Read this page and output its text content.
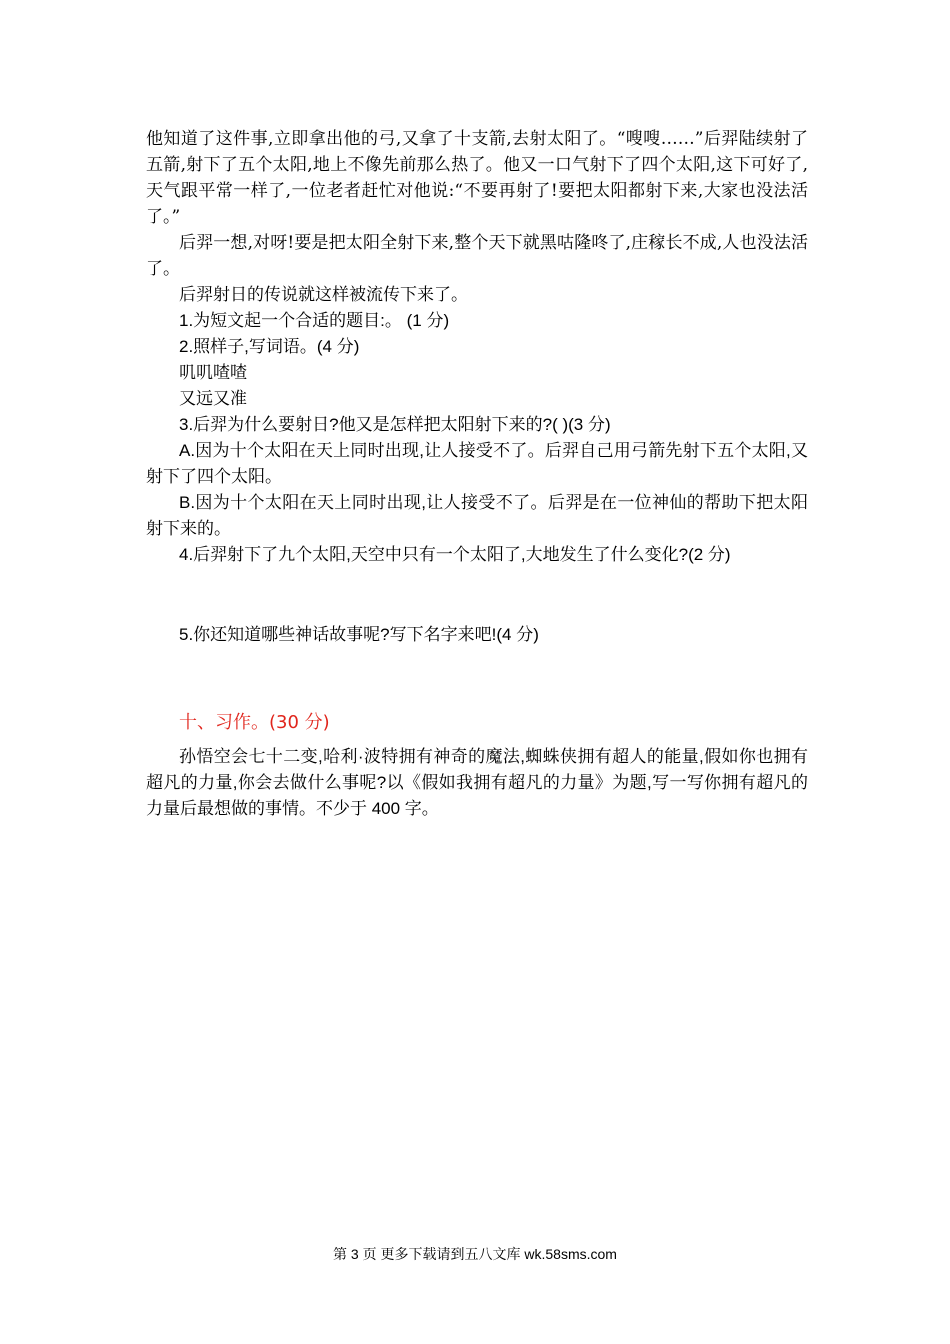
他知道了这件事,立即拿出他的弓,又拿了十支箭,去射太阳了。“嗖嗖……”后羿陆续射了五箭,射下了五个太阳,地上不像先前那么热了。他又一口气射下了四个太阳,这下可好了,天气跟平常一样了,一位老者赶忙对他说:“不要再射了!要把太阳都射下来,大家也没法活了。”

后羿一想,对呀!要是把太阳全射下来,整个天下就黑咕隆咚了,庄稼长不成,人也没法活了。

后羿射日的传说就这样被流传下来了。

1.为短文起一个合适的题目:。 (1 分)

2.照样子,写词语。(4 分)

叽叽喳喳

又远又准

3.后羿为什么要射日?他又是怎样把太阳射下来的?( )(3 分)

A.因为十个太阳在天上同时出现,让人接受不了。后羿自己用弓箭先射下五个太阳,又射下了四个太阳。

B.因为十个太阳在天上同时出现,让人接受不了。后羿是在一位神仙的帮助下把太阳射下来的。

4.后羿射下了九个太阳,天空中只有一个太阳了,大地发生了什么变化?(2 分)

5.你还知道哪些神话故事呢?写下名字来吧!(4 分)

十、习作。(30 分)

孙悟空会七十二变,哈利·波特拥有神奇的魔法,蜘蛛侠拥有超人的能量,假如你也拥有超凡的力量,你会去做什么事呢?以《假如我拥有超凡的力量》为题,写一写你拥有超凡的力量后最想做的事情。不少于 400 字。

第 3 页 更多下载请到五八文库 wk.58sms.com
